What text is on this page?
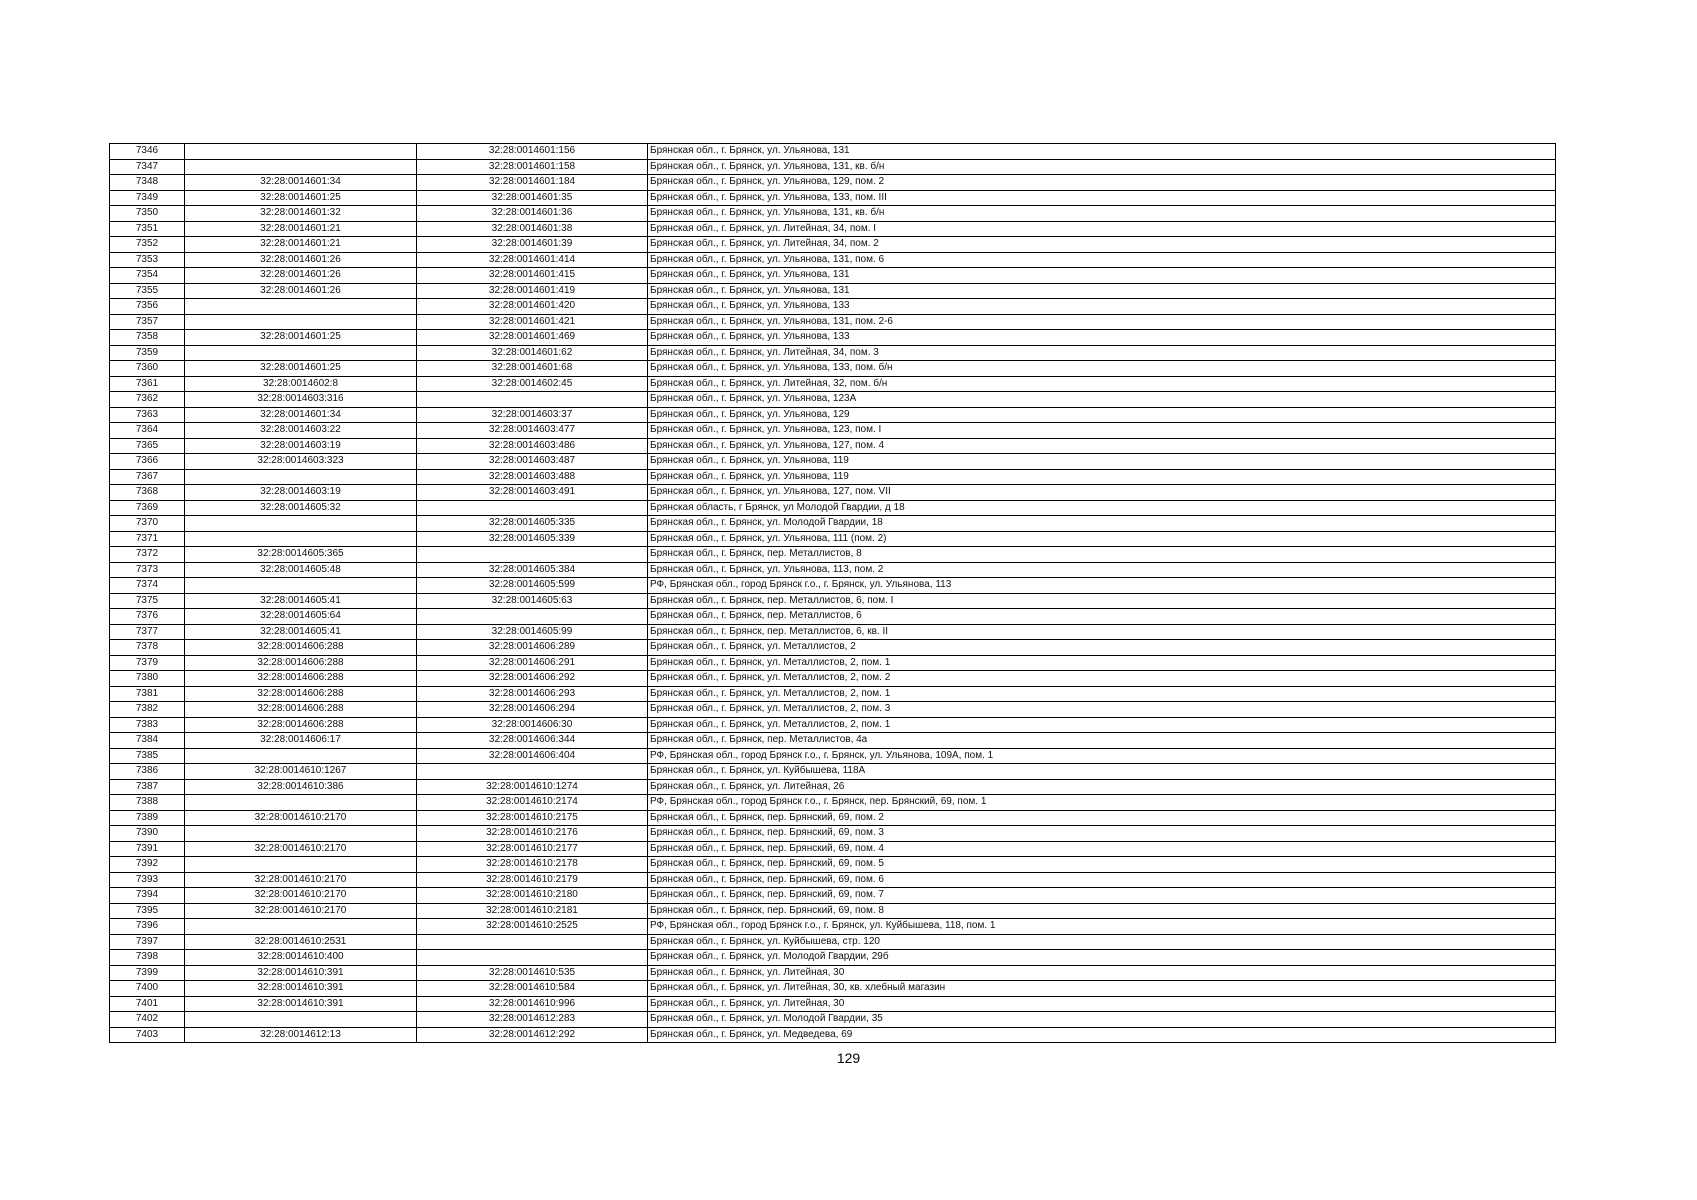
7346		32:28:0014601:156	Брянская обл., г. Брянск, ул. Ульянова, 131
7347		32:28:0014601:158	Брянская обл., г. Брянск, ул. Ульянова, 131, кв. б/н
7348	32:28:0014601:34	32:28:0014601:184	Брянская обл., г. Брянск, ул. Ульянова, 129, пом. 2
7349	32:28:0014601:25	32:28:0014601:35	Брянская обл., г. Брянск, ул. Ульянова, 133, пом. III
7350	32:28:0014601:32	32:28:0014601:36	Брянская обл., г. Брянск, ул. Ульянова, 131, кв. б/н
7351	32:28:0014601:21	32:28:0014601:38	Брянская обл., г. Брянск, ул. Литейная, 34, пом. I
7352	32:28:0014601:21	32:28:0014601:39	Брянская обл., г. Брянск, ул. Литейная, 34, пом. 2
7353	32:28:0014601:26	32:28:0014601:414	Брянская обл., г. Брянск, ул. Ульянова, 131, пом. 6
7354	32:28:0014601:26	32:28:0014601:415	Брянская обл., г. Брянск, ул. Ульянова, 131
7355	32:28:0014601:26	32:28:0014601:419	Брянская обл., г. Брянск, ул. Ульянова, 131
7356		32:28:0014601:420	Брянская обл., г. Брянск, ул. Ульянова, 133
7357		32:28:0014601:421	Брянская обл., г. Брянск, ул. Ульянова, 131, пом. 2-6
7358	32:28:0014601:25	32:28:0014601:469	Брянская обл., г. Брянск, ул. Ульянова, 133
7359		32:28:0014601:62	Брянская обл., г. Брянск, ул. Литейная, 34, пом. 3
7360	32:28:0014601:25	32:28:0014601:68	Брянская обл., г. Брянск, ул. Ульянова, 133, пом. б/н
7361	32:28:0014602:8	32:28:0014602:45	Брянская обл., г. Брянск, ул. Литейная, 32, пом. б/н
7362	32:28:0014603:316		Брянская обл., г. Брянск, ул. Ульянова, 123А
7363	32:28:0014601:34	32:28:0014603:37	Брянская обл., г. Брянск, ул. Ульянова, 129
7364	32:28:0014603:22	32:28:0014603:477	Брянская обл., г. Брянск, ул. Ульянова, 123, пом. I
7365	32:28:0014603:19	32:28:0014603:486	Брянская обл., г. Брянск, ул. Ульянова, 127, пом. 4
7366	32:28:0014603:323	32:28:0014603:487	Брянская обл., г. Брянск, ул. Ульянова, 119
7367		32:28:0014603:488	Брянская обл., г. Брянск, ул. Ульянова, 119
7368	32:28:0014603:19	32:28:0014603:491	Брянская обл., г. Брянск, ул. Ульянова, 127, пом. VII
7369	32:28:0014605:32		Брянская область, г Брянск, ул Молодой Гвардии, д 18
7370		32:28:0014605:335	Брянская обл., г. Брянск, ул. Молодой Гвардии, 18
7371		32:28:0014605:339	Брянская обл., г. Брянск, ул. Ульянова, 111 (пом. 2)
7372	32:28:0014605:365		Брянская обл., г. Брянск, пер. Металлистов, 8
7373	32:28:0014605:48	32:28:0014605:384	Брянская обл., г. Брянск, ул. Ульянова, 113, пом. 2
7374		32:28:0014605:599	РФ, Брянская обл., город Брянск г.о., г. Брянск, ул. Ульянова, 113
7375	32:28:0014605:41	32:28:0014605:63	Брянская обл., г. Брянск, пер. Металлистов, 6, пом. I
7376	32:28:0014605:64		Брянская обл., г. Брянск, пер. Металлистов, 6
7377	32:28:0014605:41	32:28:0014605:99	Брянская обл., г. Брянск, пер. Металлистов, 6, кв. II
7378	32:28:0014606:288	32:28:0014606:289	Брянская обл., г. Брянск, ул. Металлистов, 2
7379	32:28:0014606:288	32:28:0014606:291	Брянская обл., г. Брянск, ул. Металлистов, 2, пом. 1
7380	32:28:0014606:288	32:28:0014606:292	Брянская обл., г. Брянск, ул. Металлистов, 2, пом. 2
7381	32:28:0014606:288	32:28:0014606:293	Брянская обл., г. Брянск, ул. Металлистов, 2, пом. 1
7382	32:28:0014606:288	32:28:0014606:294	Брянская обл., г. Брянск, ул. Металлистов, 2, пом. 3
7383	32:28:0014606:288	32:28:0014606:30	Брянская обл., г. Брянск, ул. Металлистов, 2, пом. 1
7384	32:28:0014606:17	32:28:0014606:344	Брянская обл., г. Брянск, пер. Металлистов, 4а
7385		32:28:0014606:404	РФ, Брянская обл., город Брянск г.о., г. Брянск, ул. Ульянова, 109А, пом. 1
7386	32:28:0014610:1267		Брянская обл., г. Брянск, ул. Куйбышева, 118А
7387	32:28:0014610:386	32:28:0014610:1274	Брянская обл., г. Брянск, ул. Литейная, 26
7388		32:28:0014610:2174	РФ, Брянская обл., город Брянск г.о., г. Брянск, пер. Брянский, 69, пом. 1
7389	32:28:0014610:2170	32:28:0014610:2175	Брянская обл., г. Брянск, пер. Брянский, 69, пом. 2
7390		32:28:0014610:2176	Брянская обл., г. Брянск, пер. Брянский, 69, пом. 3
7391	32:28:0014610:2170	32:28:0014610:2177	Брянская обл., г. Брянск, пер. Брянский, 69, пом. 4
7392		32:28:0014610:2178	Брянская обл., г. Брянск, пер. Брянский, 69, пом. 5
7393	32:28:0014610:2170	32:28:0014610:2179	Брянская обл., г. Брянск, пер. Брянский, 69, пом. 6
7394	32:28:0014610:2170	32:28:0014610:2180	Брянская обл., г. Брянск, пер. Брянский, 69, пом. 7
7395	32:28:0014610:2170	32:28:0014610:2181	Брянская обл., г. Брянск, пер. Брянский, 69, пом. 8
7396		32:28:0014610:2525	РФ, Брянская обл., город Брянск г.о., г. Брянск, ул. Куйбышева, 118, пом. 1
7397	32:28:0014610:2531		Брянская обл., г. Брянск, ул. Куйбышева, стр. 120
7398	32:28:0014610:400		Брянская обл., г. Брянск, ул. Молодой Гвардии, 29б
7399	32:28:0014610:391	32:28:0014610:535	Брянская обл., г. Брянск, ул. Литейная, 30
7400	32:28:0014610:391	32:28:0014610:584	Брянская обл., г. Брянск, ул. Литейная, 30, кв. хлебный магазин
7401	32:28:0014610:391	32:28:0014610:996	Брянская обл., г. Брянск, ул. Литейная, 30
7402		32:28:0014612:283	Брянская обл., г. Брянск, ул. Молодой Гвардии, 35
7403	32:28:0014612:13	32:28:0014612:292	Брянская обл., г. Брянск, ул. Медведева, 69
129
